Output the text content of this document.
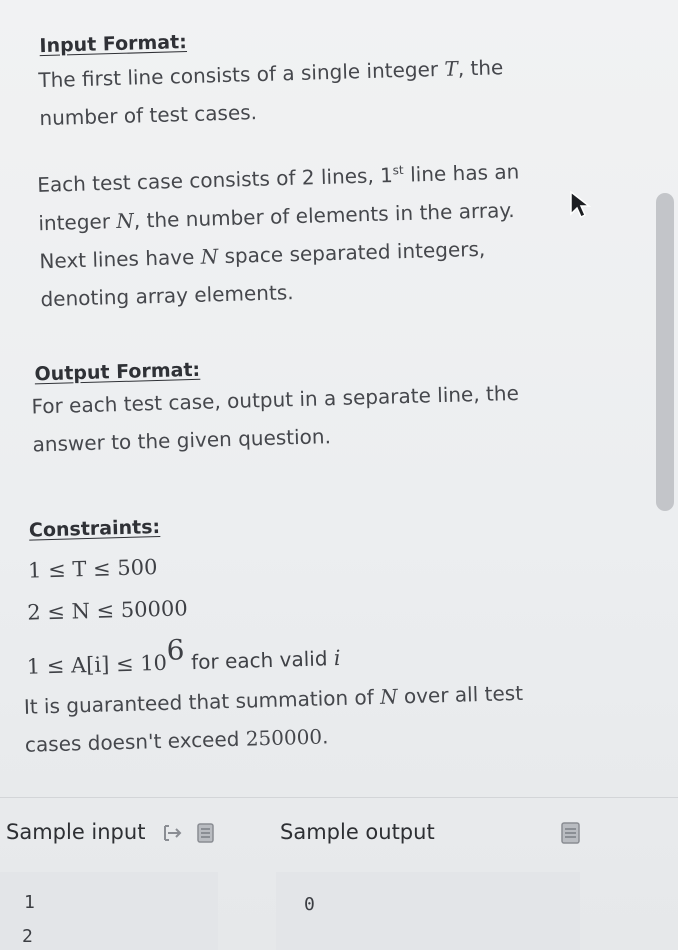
Input Format:
The first line consists of a single integer T, the
number of test cases.
Each test case consists of 2 lines, 1st line has an
integer N, the number of elements in the array.
Next lines have N space separated integers,
denoting array elements.
Output Format:
For each test case, output in a separate line, the
answer to the given question.
Constraints:
1 ≤ T ≤ 500
2 ≤ N ≤ 50000
1 ≤ A[i] ≤ 106 for each valid i
It is guaranteed that summation of N over all test
cases doesn't exceed 250000.
Sample input	Sample output
1
2
0
